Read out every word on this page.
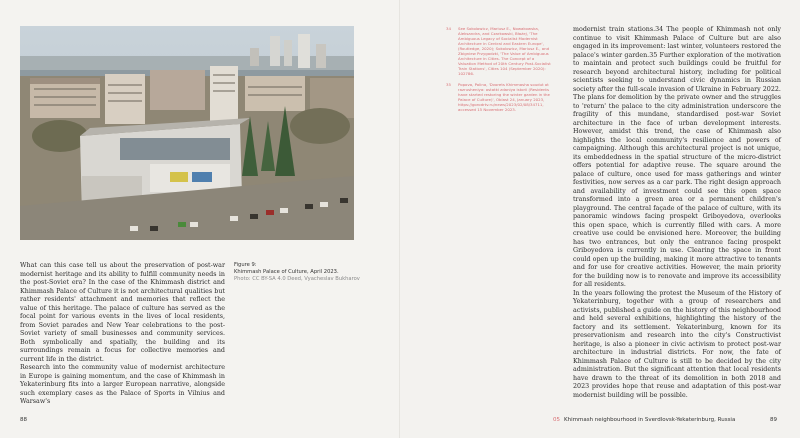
Figure 9:
Khimmash Palace of Culture, April 2023.
Photo: CC BY-SA 4.0 Deed, Vyacheslav Bukharov

What can this case tell us about the preservation of post-war modernist heritage and its ability to fulfill community needs in the post-Soviet era? In the case of the Khimmash district and Khimmash Palace of Culture it is not architectural qualities but rather residents' attachment and memories that reflect the value of this heritage. The palace of culture has served as the focal point for various events in the lives of local residents, from Soviet parades and New Year celebrations to the post-Soviet variety of small businesses and community services. Both symbolically and spatially, the building and its surroundings remain a focus for collective memories and current life in the district.

Research into the community value of modernist architecture in Europe is gaining momentum, and the case of Khimmash in Yekaterinburg fits into a larger European narrative, alongside such exemplary cases as the Palace of Sports in Vilnius and Warsaw's

88
34	See Sokolowicz, Mariusz E., Nowakowska, Aleksandra, and Czarkowski, Błażej, 'The Ambiguous Legacy of Socialist Modernist Architecture in Central and Eastern Europe', (Routledge, 2020); Sokolowicz, Mariusz E., and Zbigniew Przygodzki, 'The Value of Ambiguous Architecture in Cities. The Concept of a Valuation Method of 20th Century Post-Socialist Train Stations', Cities 104 (September 2020): 102786.
35	Popova, Polina, 'Dvorets Khimmasha soudut ot razrusheniya: ostatki zdaniya istorii (Residents have started restoring the winter garden in the Palace of Culture)', Oblast 24, January 2023, https://gorodrtv.ru/news/2023/02/08/34711, accessed 15 November 2023.

modernist train stations.34 The people of Khimmash not only continue to visit Khimmash Palace of Culture but are also engaged in its improvement: last winter, volunteers restored the palace's winter garden.35 Further exploration of the motivation to maintain and protect such buildings could be fruitful for research beyond architectural history, including for political scientists seeking to understand civic dynamics in Russian society after the full-scale invasion of Ukraine in February 2022.

The plans for demolition by the private owner and the struggles to 'return' the palace to the city administration underscore the fragility of this mundane, standardised post-war Soviet architecture in the face of urban development interests. However, amidst this trend, the case of Khimmash also highlights the local community's resilience and powers of campaigning. Although this architectural project is not unique, its embeddedness in the spatial structure of the micro-district offers potential for adaptive reuse. The square around the palace of culture, once used for mass gatherings and winter festivities, now serves as a car park. The right design approach and availability of investment could see this open space transformed into a green area or a permanent children's playground. The central façade of the palace of culture, with its panoramic windows facing prospekt Griboyedova, overlooks this open space, which is currently filled with cars. A more creative use could be envisioned here. Moreover, the building has two entrances, but only the entrance facing prospekt Griboyedova is currently in use. Clearing the space in front could open up the building, making it more attractive to tenants and for use for creative activities. However, the main priority for the building now is to renovate and improve its accessibility for all residents.

In the years following the protest the Museum of the History of Yekaterinburg, together with a group of researchers and activists, published a guide on the history of this neighbourhood and held several exhibitions, highlighting the history of the factory and its settlement. Yekaterinburg, known for its preservationism and research into the city's Constructivist heritage, is also a pioneer in civic activism to protect post-war architecture in industrial districts. For now, the fate of Khimmash Palace of Culture is still to be decided by the city administration. But the significant attention that local residents have drawn to the threat of its demolition in both 2018 and 2023 provides hope that reuse and adaptation of this post-war modernist building will be possible.

05 Khimmash neighbourhood in Sverdlovsk-Yekaterinburg, Russia	89
